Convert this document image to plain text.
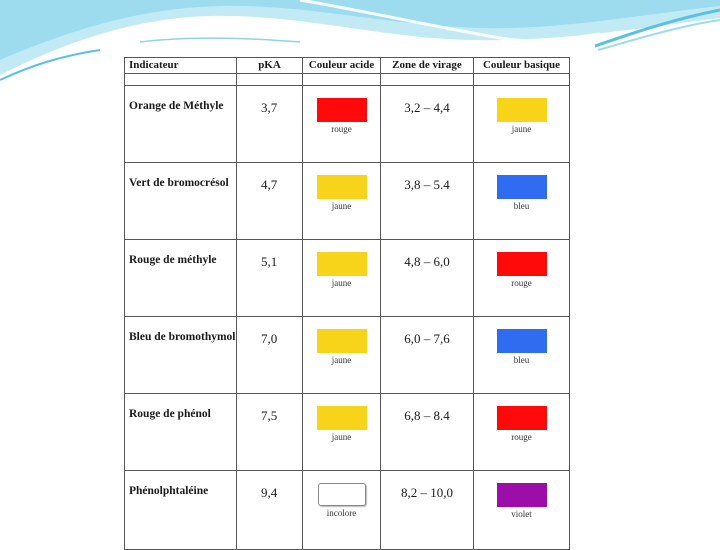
Indicateur	pKA	Couleur acide	Zone de virage	Couleur basique

Orange de Méthyle	3,7	rouge	3,2 – 4,4	jaune

Vert de bromocrésol	4,7	jaune	3,8 – 5.4	bleu

Rouge de méthyle	5,1	jaune	4,8 – 6,0	rouge

Bleu de bromothymol	7,0	jaune	6,0 – 7,6	bleu

Rouge de phénol	7,5	jaune	6,8 – 8.4	rouge

Phénolphtaléine	9,4	incolore	8,2 – 10,0	violet
